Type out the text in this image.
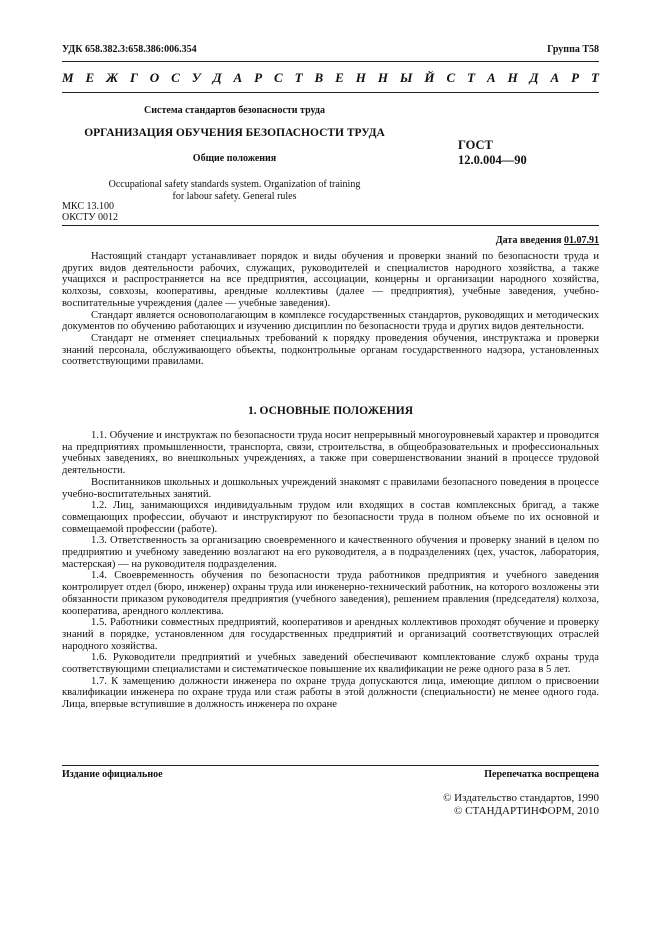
УДК 658.382.3:658.386:006.354	Группа Т58
М Е Ж Г О С У Д А Р С Т В Е Н Н Ы Й С Т А Н Д А Р Т
Система стандартов безопасности труда
ОРГАНИЗАЦИЯ ОБУЧЕНИЯ БЕЗОПАСНОСТИ ТРУДА
Общие положения
ГОСТ
12.0.004—90
Occupational safety standards system. Organization of training
for labour safety. General rules
МКС 13.100
ОКСТУ 0012
Дата введения 01.07.91

Настоящий стандарт устанавливает порядок и виды обучения и проверки знаний по безопасности труда и других видов деятельности рабочих, служащих, руководителей и специалистов народного хозяйства, а также учащихся и распространяется на все предприятия, ассоциации, концерны и организации народного хозяйства, колхозы, совхозы, кооперативы, арендные коллективы (далее — предприятия), учебные заведения, учебно-воспитательные учреждения (далее — учебные заведения).

Стандарт является основополагающим в комплексе государственных стандартов, руководящих и методических документов по обучению работающих и изучению дисциплин по безопасности труда и других видов деятельности.

Стандарт не отменяет специальных требований к порядку проведения обучения, инструктажа и проверки знаний персонала, обслуживающего объекты, подконтрольные органам государственного надзора, установленных соответствующими правилами.

1. ОСНОВНЫЕ ПОЛОЖЕНИЯ

1.1. Обучение и инструктаж по безопасности труда носит непрерывный многоуровневый характер и проводится на предприятиях промышленности, транспорта, связи, строительства, в общеобразовательных и профессиональных учебных заведениях, во внешкольных учреждениях, а также при совершенствовании знаний в процессе трудовой деятельности.

Воспитанников школьных и дошкольных учреждений знакомят с правилами безопасного поведения в процессе учебно-воспитательных занятий.

1.2. Лиц, занимающихся индивидуальным трудом или входящих в состав комплексных бригад, а также совмещающих профессии, обучают и инструктируют по безопасности труда в полном объеме по их основной и совмещаемой профессии (работе).

1.3. Ответственность за организацию своевременного и качественного обучения и проверку знаний в целом по предприятию и учебному заведению возлагают на его руководителя, а в подразделениях (цех, участок, лаборатория, мастерская) — на руководителя подразделения.

1.4. Своевременность обучения по безопасности труда работников предприятия и учебного заведения контролирует отдел (бюро, инженер) охраны труда или инженерно-технический работник, на которого возложены эти обязанности приказом руководителя предприятия (учебного заведения), решением правления (председателя) колхоза, кооператива, арендного коллектива.

1.5. Работники совместных предприятий, кооперативов и арендных коллективов проходят обучение и проверку знаний в порядке, установленном для государственных предприятий и организаций соответствующих отраслей народного хозяйства.

1.6. Руководители предприятий и учебных заведений обеспечивают комплектование служб охраны труда соответствующими специалистами и систематическое повышение их квалификации не реже одного раза в 5 лет.

1.7. К замещению должности инженера по охране труда допускаются лица, имеющие диплом о присвоении квалификации инженера по охране труда или стаж работы в этой должности (специальности) не менее одного года. Лица, впервые вступившие в должность инженера по охране

Издание официальное	Перепечатка воспрещена
© Издательство стандартов, 1990
© СТАНДАРТИНФОРМ, 2010
